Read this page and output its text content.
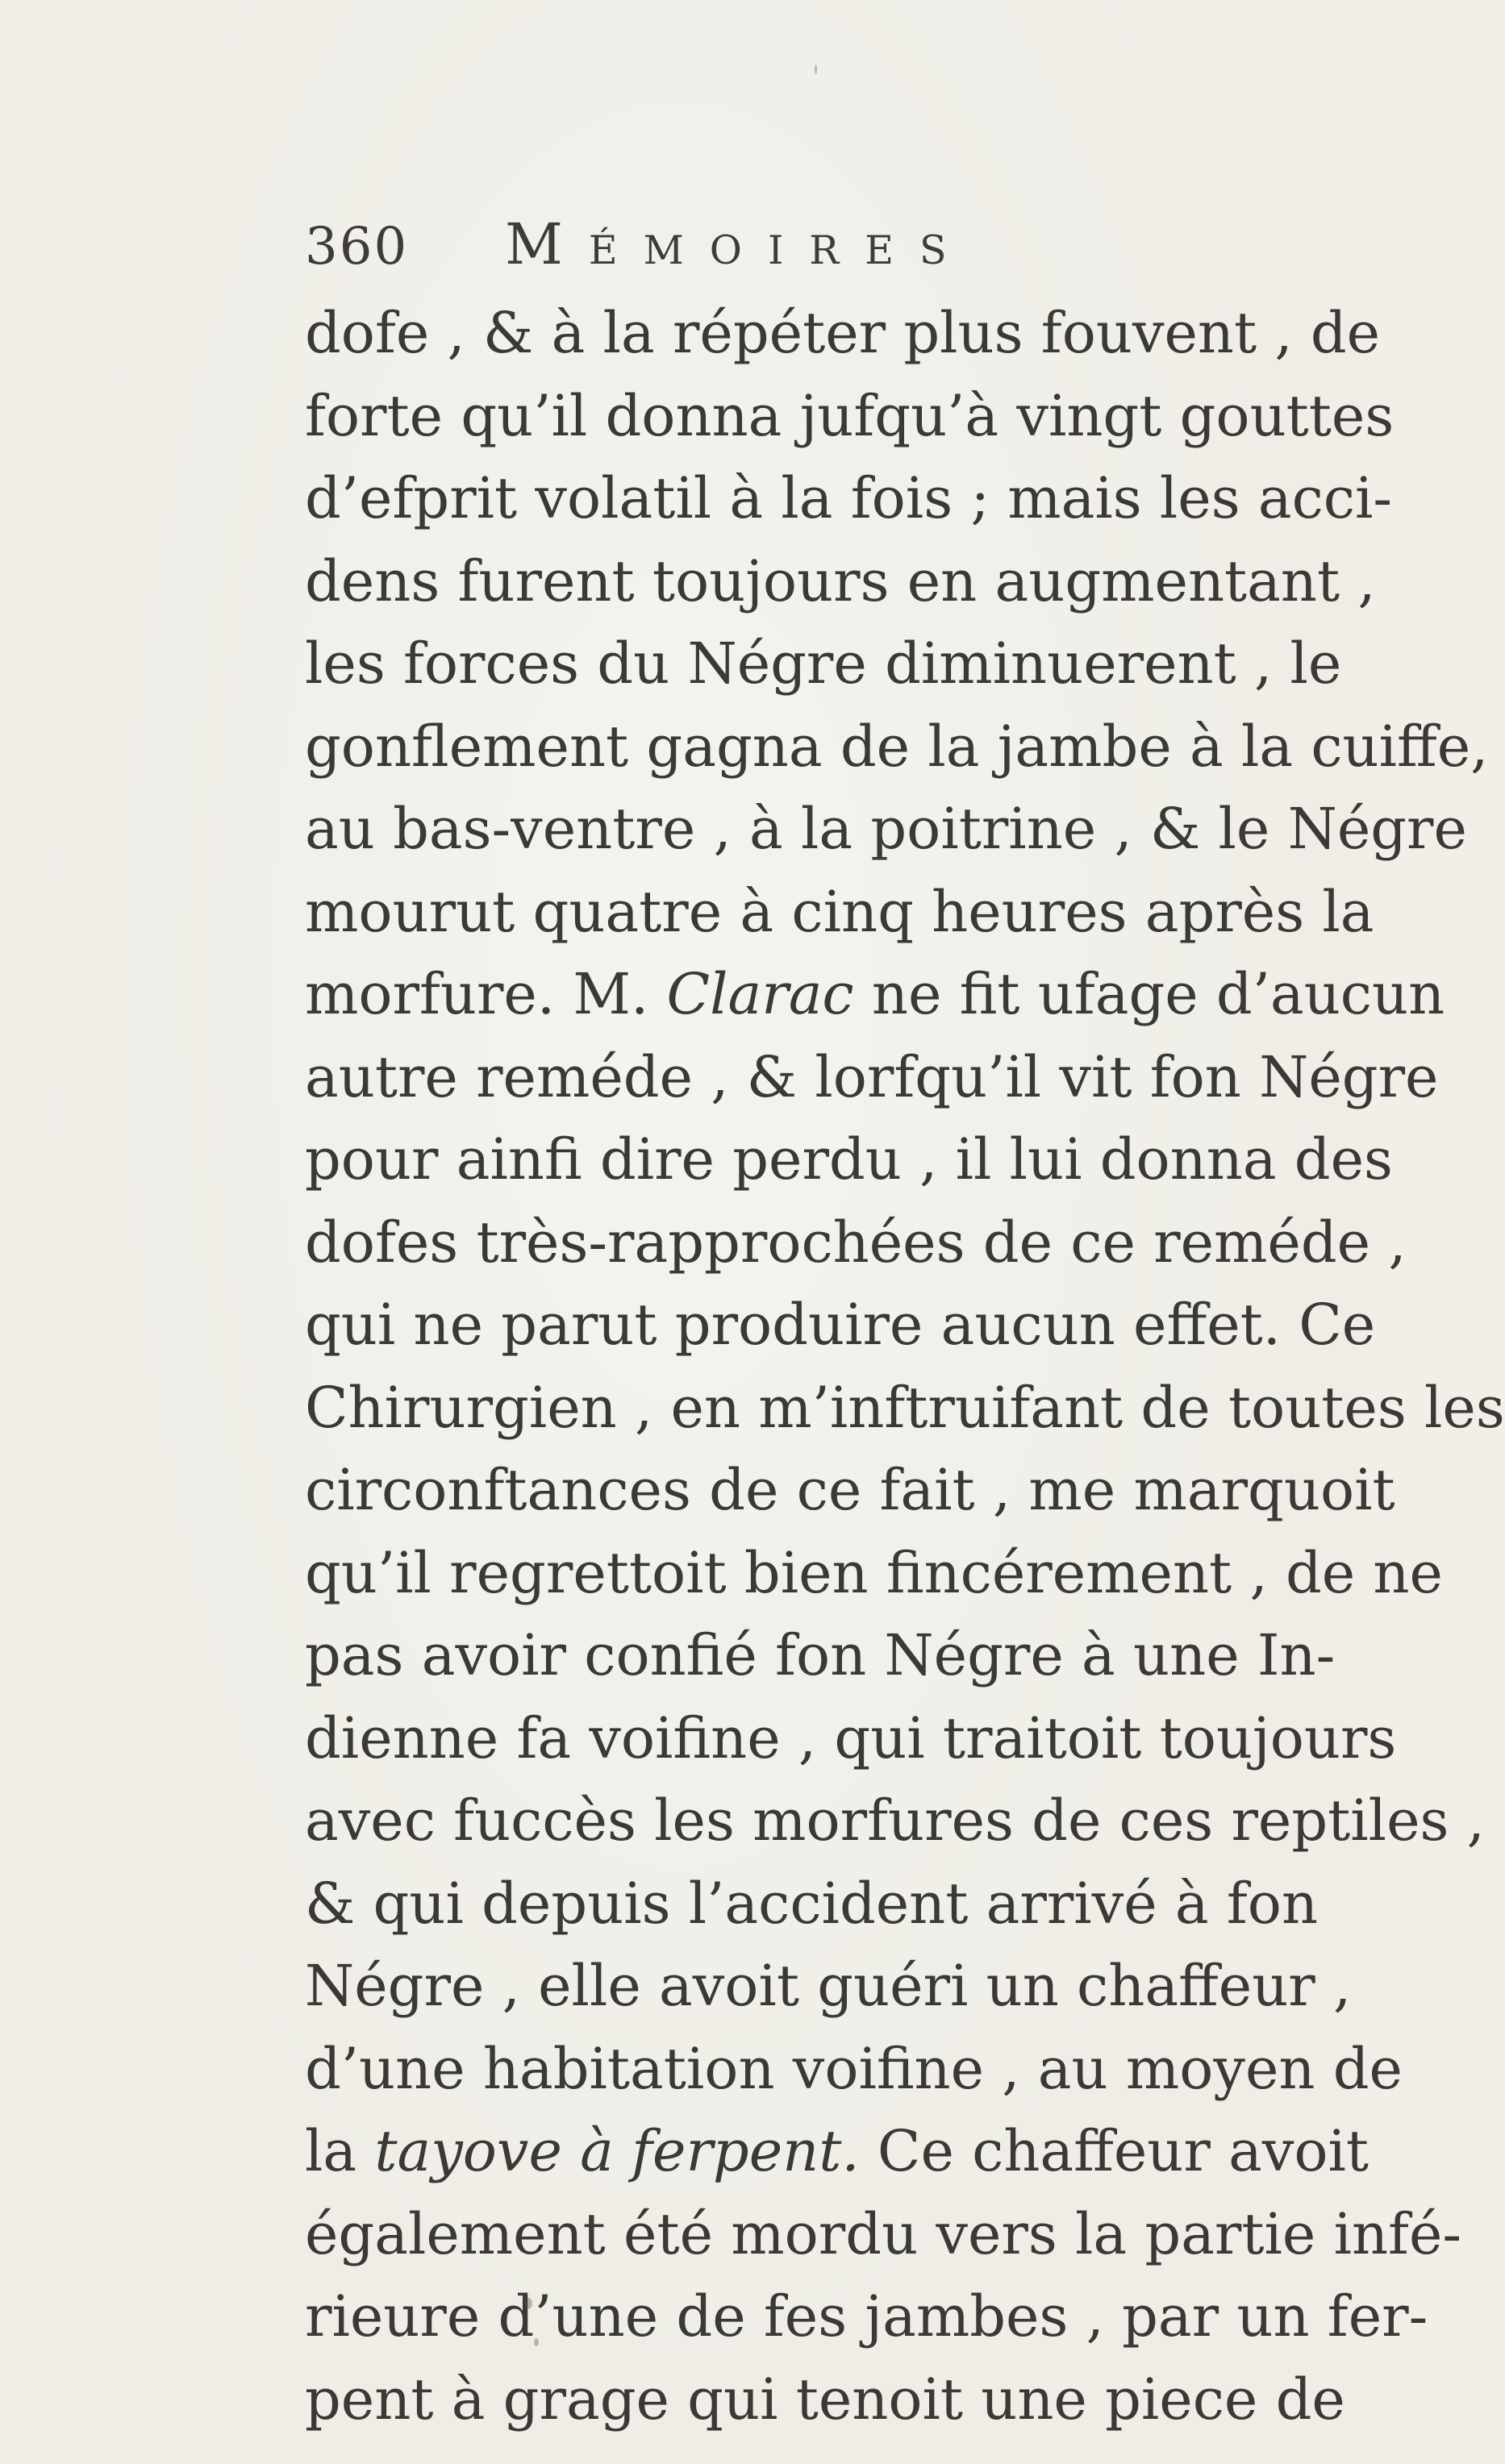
360 Mémoires
dofe , & à la répéter plus fouvent , de
forte qu’il donna jufqu’à vingt gouttes
d’efprit volatil à la fois ; mais les acci-
dens furent toujours en augmentant ,
les forces du Négre diminuerent , le
gonflement gagna de la jambe à la cuiffe,
au bas-ventre , à la poitrine , & le Négre
mourut quatre à cinq heures après la
morfure. M. Clarac ne fit ufage d’aucun
autre reméde , & lorfqu’il vit fon Négre
pour ainfi dire perdu , il lui donna des
dofes très-rapprochées de ce reméde ,
qui ne parut produire aucun effet. Ce
Chirurgien , en m’inftruifant de toutes les
circonftances de ce fait , me marquoit
qu’il regrettoit bien fincérement , de ne
pas avoir confié fon Négre à une In-
dienne fa voifine , qui traitoit toujours
avec fuccès les morfures de ces reptiles ,
& qui depuis l’accident arrivé à fon
Négre , elle avoit guéri un chaffeur ,
d’une habitation voifine , au moyen de
la tayove à ferpent. Ce chaffeur avoit
également été mordu vers la partie infé-
rieure d’une de fes jambes , par un fer-
pent à grage qui tenoit une piece de
